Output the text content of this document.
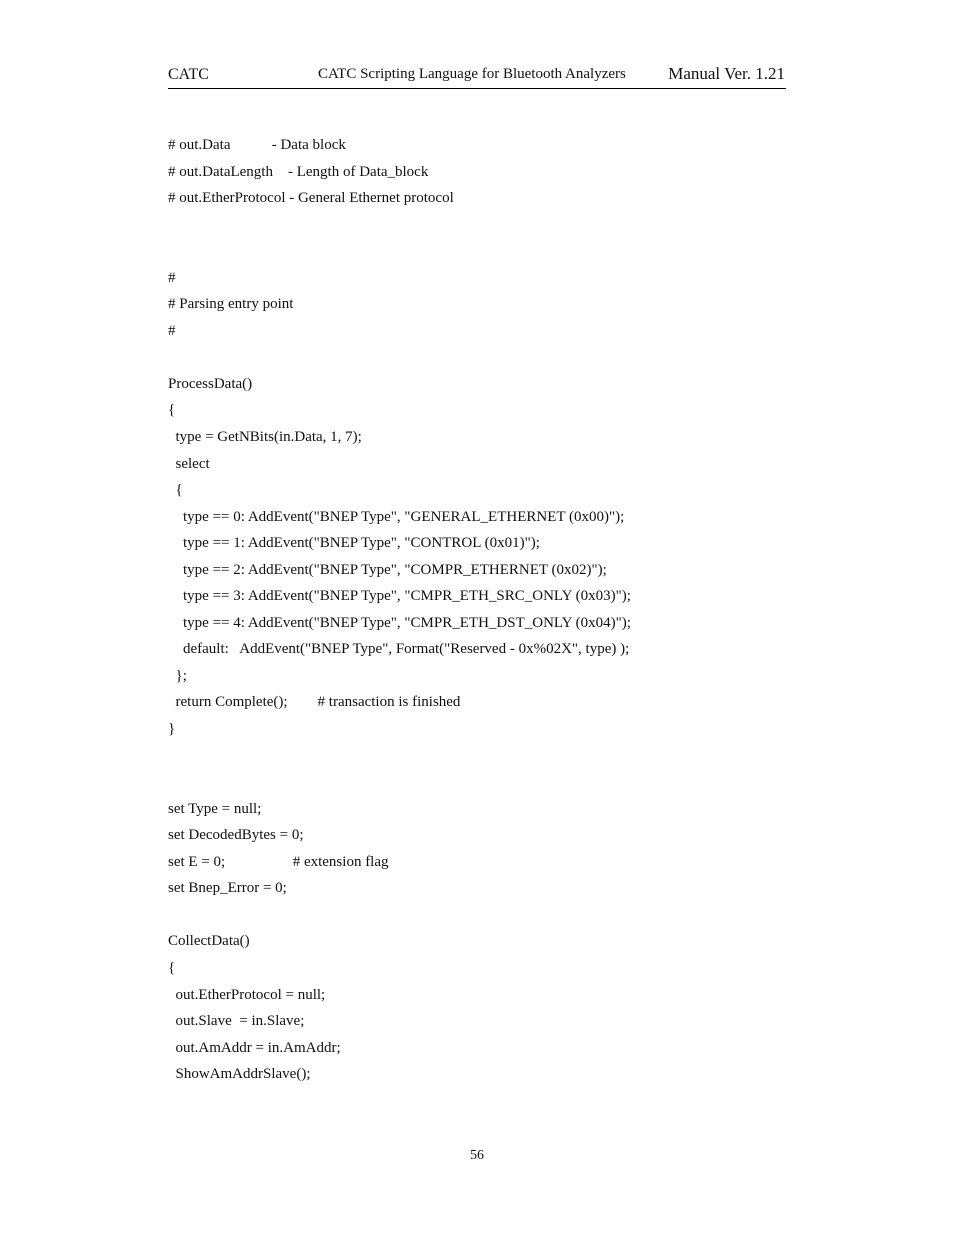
CATC	CATC Scripting Language for Bluetooth Analyzers Manual Ver. 1.21
# out.Data           - Data block
# out.DataLength    - Length of Data_block
# out.EtherProtocol - General Ethernet protocol
#
# Parsing entry point
#
ProcessData()
{
type = GetNBits(in.Data, 1, 7);
select
{
type == 0: AddEvent("BNEP Type", "GENERAL_ETHERNET (0x00)");
type == 1: AddEvent("BNEP Type", "CONTROL (0x01)");
type == 2: AddEvent("BNEP Type", "COMPR_ETHERNET (0x02)");
type == 3: AddEvent("BNEP Type", "CMPR_ETH_SRC_ONLY (0x03)");
type == 4: AddEvent("BNEP Type", "CMPR_ETH_DST_ONLY (0x04)");
default:   AddEvent("BNEP Type", Format("Reserved - 0x%02X", type) );
};
return Complete();        # transaction is finished
}
set Type = null;
set DecodedBytes = 0;
set E = 0;                  # extension flag
set Bnep_Error = 0;
CollectData()
{
out.EtherProtocol = null;
out.Slave  = in.Slave;
out.AmAddr = in.AmAddr;
ShowAmAddrSlave();
56
